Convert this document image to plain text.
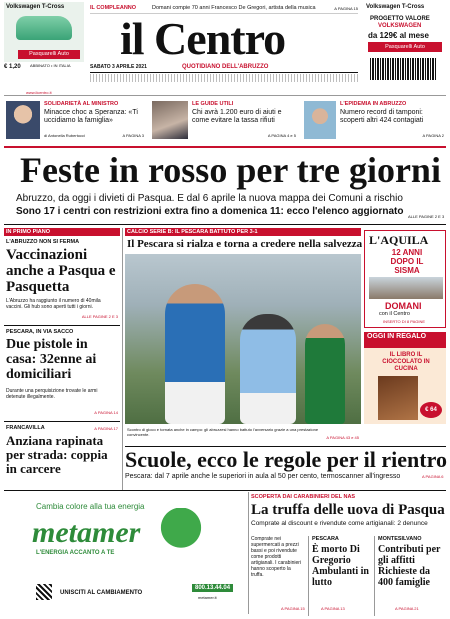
Volkswagen T-Cross
€ 1,20
Pasquarelli Auto
ABBINATO • IN ITALIA
IL COMPLEANNO	Domani compie 70 anni Francesco De Gregori, artista della musica	A PAGINA 15
il Centro
SABATO 3 APRILE 2021	QUOTIDIANO DELL'ABRUZZO
Volkswagen T-Cross
PROGETTO VALORE
VOLKSWAGEN
da 129€ al mese
Pasquarelli Auto
www.ilcentro.it
SOLIDARIETÀ AL MINISTRO
Minacce choc a Speranza: «Ti uccidiamo la famiglia»
di Antonella Rubertocci	A PAGINA 3
LE GUIDE UTILI
Chi avrà 1.200 euro di aiuti e come evitare la tassa rifiuti
A PAGINA 4 e 5
L'EPIDEMIA IN ABRUZZO
Numero record di tamponi: scoperti altri 424 contagiati
A PAGINA 2
Feste in rosso per tre giorni
Abruzzo, da oggi i divieti di Pasqua. E dal 6 aprile la nuova mappa dei Comuni a rischio
Sono 17 i centri con restrizioni extra fino a domenica 11: ecco l'elenco aggiornato ALLE PAGINE 2 E 3
IN PRIMO PIANO
L'ABRUZZO NON SI FERMA
Vaccinazioni anche a Pasqua e Pasquetta
L'Abruzzo ha raggiunto il numero di 40mila vaccini. Gli hub sono aperti tutti i giorni.
ALLE PAGINE 2 E 3
PESCARA, IN VIA SACCO
Due pistole in casa: 32enne ai domiciliari
Durante una perquisizione trovate le armi detenute illegalmente.
A PAGINA 14
FRANCAVILLA	A PAGINA 17
Anziana rapinata per strada: coppia in carcere
CALCIO SERIE B: IL PESCARA BATTUTO PER 3-1
Il Pescara si rialza e torna a credere nella salvezza
Scontro di gioco e tornata anche in campo: gli abruzzesi hanno battuto l'avversario grazie a una prestazione convincente.
A PAGINA 43 e 45
L'AQUILA
12 ANNI DOPO IL SISMA
DOMANI
con il Centro
INSERTO DI 8 PAGINE
OGGI IN REGALO
IL LIBRO IL CIOCCOLATO IN CUCINA
€ 64
Scuole, ecco le regole per il rientro
Pescara: dal 7 aprile anche le superiori in aula al 50 per cento, termoscanner all'ingresso	A PAGINA 6
Cambia colore alla tua energia
metamer
L'ENERGIA ACCANTO A TE
UNISCITI AL CAMBIAMENTO
800.13.44.04
metamer.it
SCOPERTA DAI CARABINIERI DEL NAS
La truffa delle uova di Pasqua
Comprate al discount e rivendute come artigianali: 2 denunce
Comprate nei supermercati a prezzi bassi e poi rivendute come prodotti artigianali. I carabinieri hanno scoperto la truffa.
A PAGINA 15
PESCARA
È morto Di Gregorio Ambulanti in lutto
A PAGINA 13
MONTESILVANO
Contributi per gli affitti Richieste da 400 famiglie
A PAGINA 21
